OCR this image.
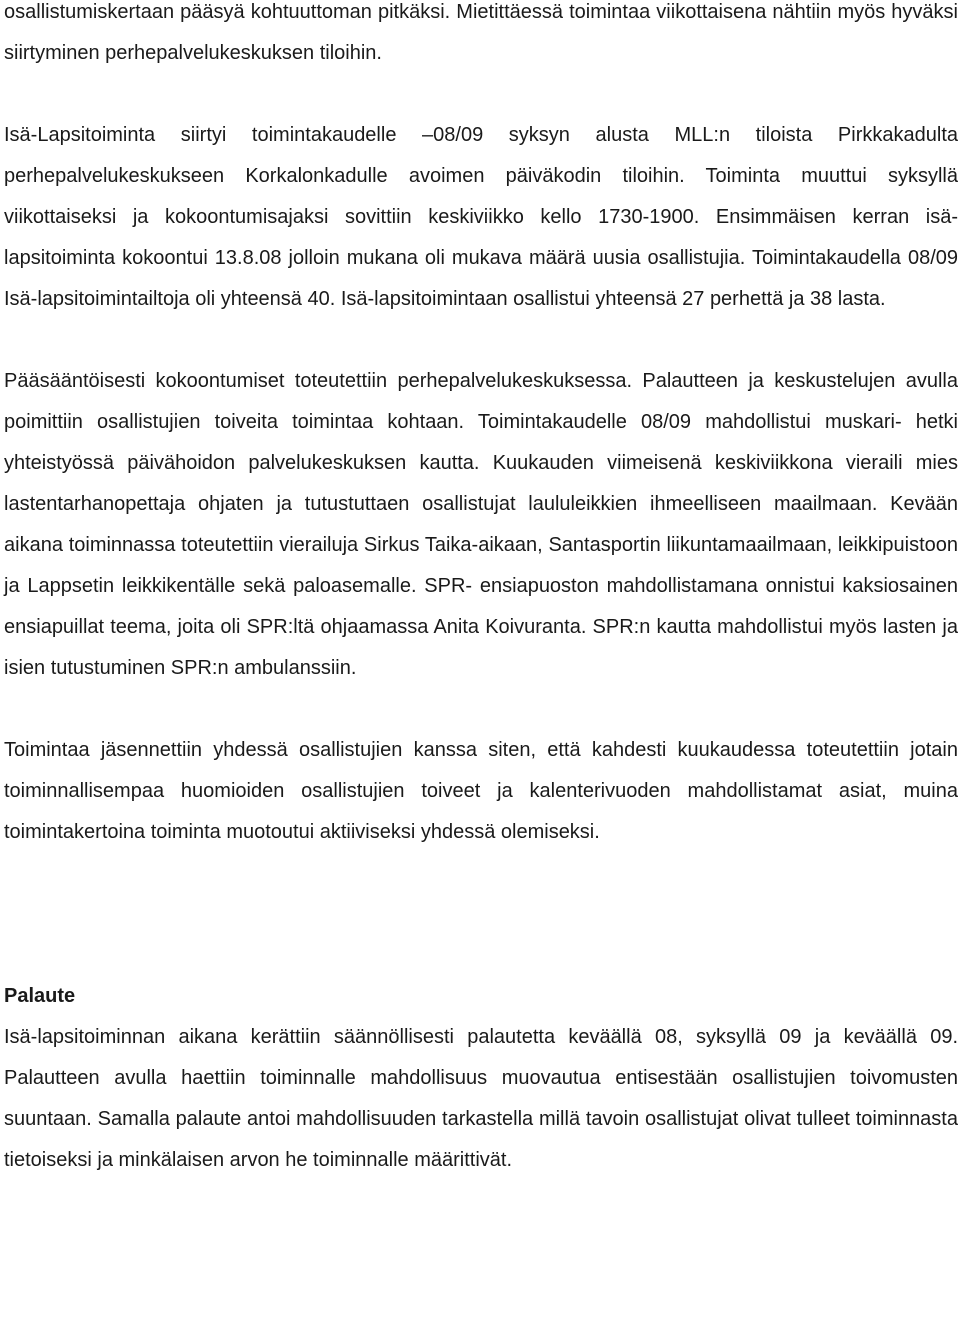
osallistumiskertaan pääsyä kohtuuttoman pitkäksi. Mietittäessä toimintaa viikottaisena nähtiin myös hyväksi siirtyminen perhepalvelukeskuksen tiloihin.

Isä-Lapsitoiminta siirtyi toimintakaudelle –08/09 syksyn alusta MLL:n tiloista Pirkkakadulta perhepalvelukeskukseen Korkalonkadulle avoimen päiväkodin tiloihin. Toiminta muuttui syksyllä viikottaiseksi ja kokoontumisajaksi sovittiin keskiviikko kello 1730-1900. Ensimmäisen kerran isä-lapsitoiminta kokoontui 13.8.08 jolloin mukana oli mukava määrä uusia osallistujia. Toimintakaudella 08/09 Isä-lapsitoimintailtoja oli yhteensä 40. Isä-lapsitoimintaan osallistui yhteensä 27 perhettä ja 38 lasta.

Pääsääntöisesti kokoontumiset toteutettiin perhepalvelukeskuksessa. Palautteen ja keskustelujen avulla poimittiin osallistujien toiveita toimintaa kohtaan. Toimintakaudelle 08/09 mahdollistui muskari- hetki yhteistyössä päivähoidon palvelukeskuksen kautta. Kuukauden viimeisenä keskiviikkona vieraili mies lastentarhanopettaja ohjaten ja tutustuttaen osallistujat laululeikkien ihmeelliseen maailmaan. Kevään aikana toiminnassa toteutettiin vierailuja Sirkus Taika-aikaan, Santasportin liikuntamaailmaan, leikkipuistoon ja Lappsetin leikkikentälle sekä paloasemalle. SPR- ensiapuoston mahdollistamana onnistui kaksiosainen ensiapuillat teema, joita oli SPR:ltä ohjaamassa Anita Koivuranta. SPR:n kautta mahdollistui myös lasten ja isien tutustuminen SPR:n ambulanssiin.

Toimintaa jäsennettiin yhdessä osallistujien kanssa siten, että kahdesti kuukaudessa toteutettiin jotain toiminnallisempaa huomioiden osallistujien toiveet ja kalenterivuoden mahdollistamat asiat, muina toimintakertoina toiminta muotoutui aktiiviseksi yhdessä olemiseksi.

Palaute

Isä-lapsitoiminnan aikana kerättiin säännöllisesti palautetta keväällä 08, syksyllä 09 ja keväällä 09. Palautteen avulla haettiin toiminnalle mahdollisuus muovautua entisestään osallistujien toivomusten suuntaan. Samalla palaute antoi mahdollisuuden tarkastella millä tavoin osallistujat olivat tulleet toiminnasta tietoiseksi ja minkälaisen arvon he toiminnalle määrittivät.
